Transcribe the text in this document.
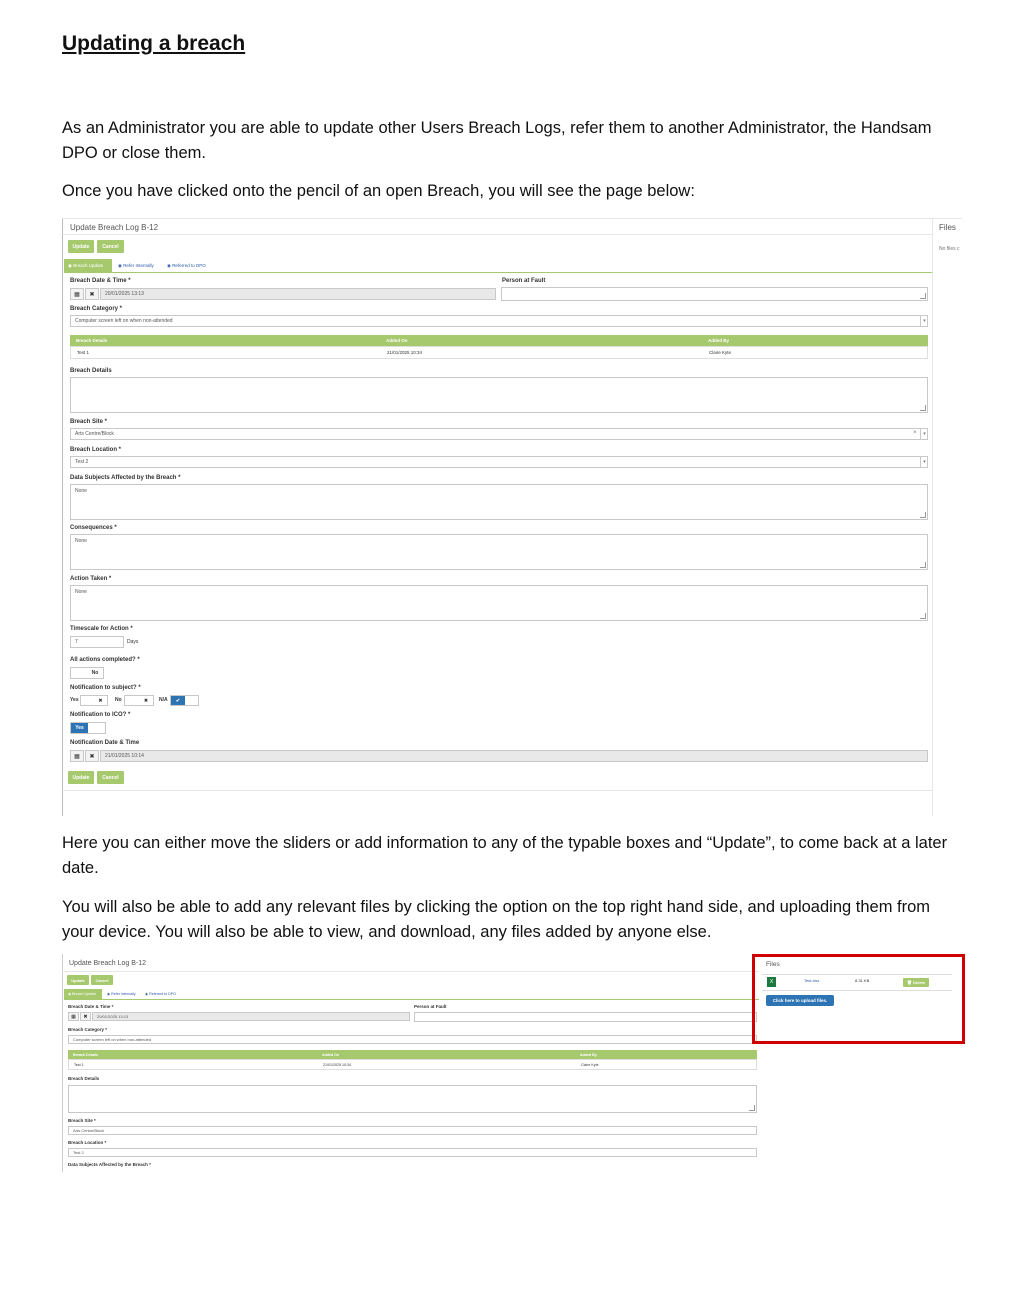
Updating a breach

As an Administrator you are able to update other Users Breach Logs, refer them to another Administrator, the Handsam DPO or close them.

Once you have clicked onto the pencil of an open Breach, you will see the page below:

Update Breach Log B-12	Files
No files c
Update	Cancel
◉ Breach Update	◉ Refer Internally	◉ Referred to DPO
Breach Date & Time *
▦	✖	20/01/2025 13:13
Person at Fault
Breach Category *
Computer screen left on when non-attended	▾
Breach Details	Added On	Added By
Test 1	21/01/2025 10:34	Claire Kyte
Breach Details
Breach Site *
Arts Centre/Block	×	▾
Breach Location *
Test 2	▾
Data Subjects Affected by the Breach *
None
Consequences *
None
Action Taken *
None
Timescale for Action *
7	Days
All actions completed? *
No
Notification to subject? *
Yes	✖	No	✖	N/A	✔
Notification to ICO? *
Yes
Notification Date & Time
▦	✖	21/01/2025 10:14
Update	Cancel

Here you can either move the sliders or add information to any of the typable boxes and “Update”, to come back at a later date.

You will also be able to add any relevant files by clicking the option on the top right hand side, and uploading them from your device. You will also be able to view, and download, any files added by anyone else.

Update Breach Log B-12
Update	Cancel
◉ Breach Update	◉ Refer Internally	◉ Referred to DPO
Breach Date & Time *
▦	✖	20/01/2025 13:13
Person at Fault
Breach Category *
Computer screen left on when non-attended
Breach Details	Added On	Added By
Test 1	21/01/2025 10:34	Claire Kyte
Breach Details
Breach Site *
Arts Centre/Block
Breach Location *
Test 2
Data Subjects Affected by the Breach *
Files
X	Test.xlsx	8.31 KB	🗑 Delete
Click here to upload files.
